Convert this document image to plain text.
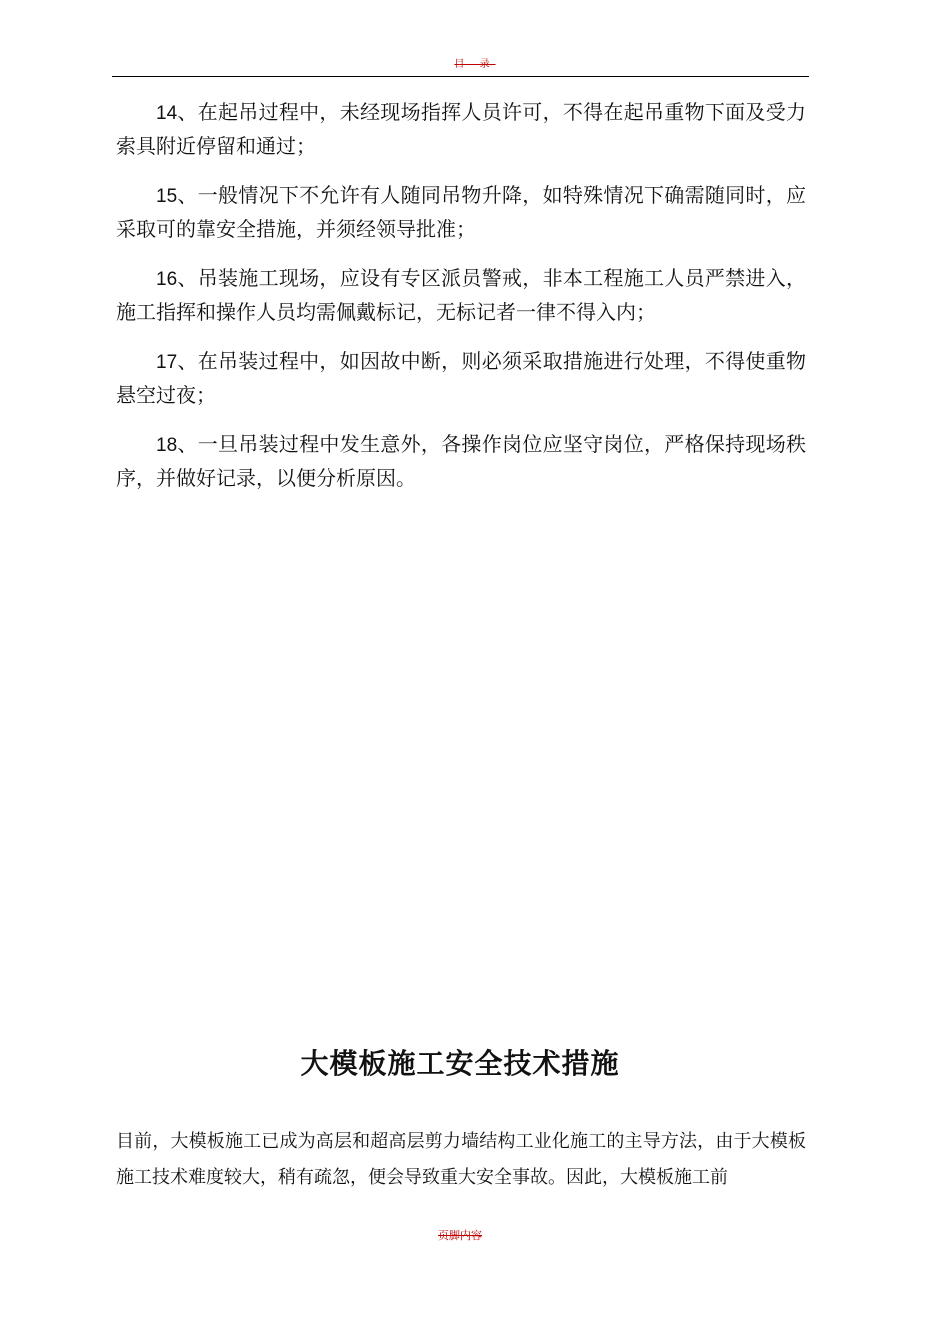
目 录

14、在起吊过程中，未经现场指挥人员许可，不得在起吊重物下面及受力索具附近停留和通过；

15、一般情况下不允许有人随同吊物升降，如特殊情况下确需随同时，应采取可的靠安全措施，并须经领导批准；

16、吊装施工现场，应设有专区派员警戒，非本工程施工人员严禁进入，施工指挥和操作人员均需佩戴标记，无标记者一律不得入内；

17、在吊装过程中，如因故中断，则必须采取措施进行处理，不得使重物悬空过夜；

18、一旦吊装过程中发生意外，各操作岗位应坚守岗位，严格保持现场秩序，并做好记录，以便分析原因。

大模板施工安全技术措施

目前，大模板施工已成为高层和超高层剪力墙结构工业化施工的主导方法，由于大模板施工技术难度较大，稍有疏忽，便会导致重大安全事故。因此，大模板施工前

页脚内容
